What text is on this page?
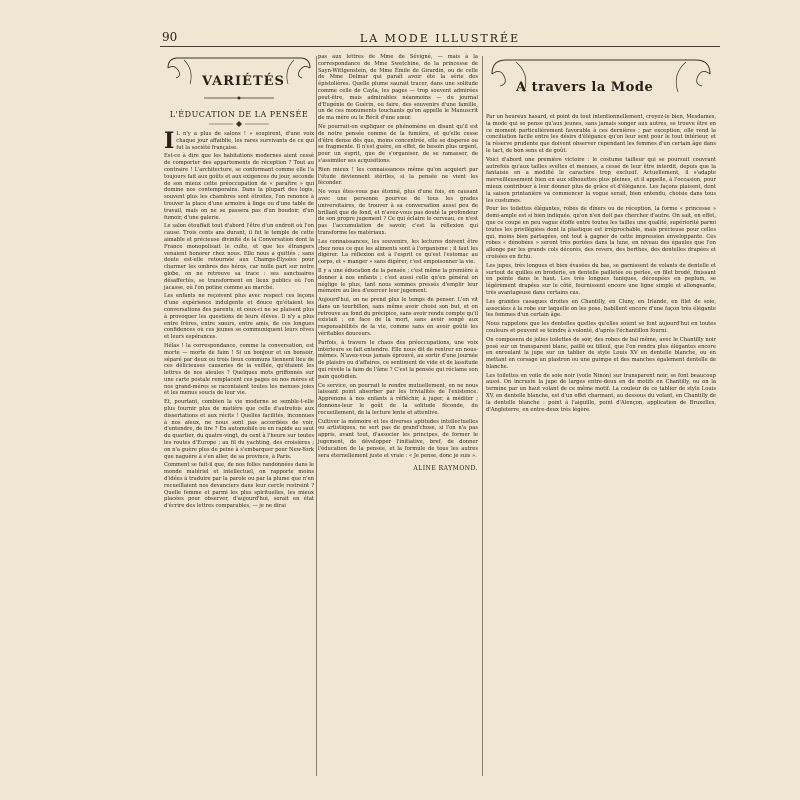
90	LA MODE ILLUSTRÉE
VARIÉTÉS
L'ÉDUCATION DE LA PENSÉE
I L n'y a plus de salons ! » soupirent, d'une voix chaque jour affaiblie, les rares survivants de ce qui fut la société française.

Est-ce à dire que les habitations modernes aient cessé de comporter des appartements de réception ? Tout au contraire ! L'architecture, se conformant comme elle l'a toujours fait aux goûts et aux exigences du jour, seconde de son mieux cette préoccupation de « paraître » qui domine nos contemporains. Dans la plupart des logis, souvent plus les chambres sont étroites, l'on renonce à trouver la place d'une armoire à linge ou d'une table de travail, mais on ne se passera pas d'un boudoir, d'un fumoir, d'une galerie.

Le salon étouffait tout d'abord l'être d'un endroit où l'on cause. Trois cents ans durant, il fut le temple de cette aimable et précieuse divinité de la Conversation dont la France monopolisait le culte, et que les étrangers venaient honorer chez nous. Elle nous a quittés ; sans doute est-elle retournée aux Champs-Élysées pour charmer les ombres des héros, car nulle part sur notre globe, on ne retrouve sa trace : ses sanctuaires désaffectés, se transforment en lieux publics où l'on jacasse, où l'on potine comme au marché.

Les enfants ne reçoivent plus avec respect ces leçons d'une expérience indulgente et douce qu'étaient les conversations des parents, et ceux-ci ne se plaisent plus à provoquer les questions de leurs élèves. Il n'y a plus entre frères, entre sœurs, entre amis, de ces longues confidences où ces jeunes se communiquent leurs rêves et leurs espérances.

Hélas ! la correspondance, comme la conversation, est morte — morte de faim ! Si un bonjour et un bonsoir, séparé par deux ou trois lieux communs tiennent lieu de ces délicieuses causeries de la veillée, qu'étaient les lettres de nos aïeules ? Quelques mots griffonnés sur une carte postale remplacent ces pages où nos mères et nos grand-mères se racontaient toutes les menues joies et les menus soucis de leur vie.

Et, pourtant, combien la vie moderne se semble-t-elle plus fournir plus de matière que celle d'autrefois aux dissertations et aux récits ! Quelles facilités, inconnues à nos aïeux, ne nous sont pas accordées de voir, d'entendre, de lire ? En automobile ou en rapide au saut du quartier, du quatre-vingt, du cent à l'heure sur toutes les routes d'Europe ; au fil du yachting, des croisières ; on n'a guère plus de peine à s'embarquer pour New-York que naguère à s'en aller, de sa province, à Paris.

Comment se fait-il que, de nos folles randonnées dans le monde matériel et intellectuel, on rapporte moins d'idées à traduire par la parole ou par la plume que n'en recueillaient nos devanciers dans leur cercle restreint ? Quelle femme et parmi les plus spirituelles, les mieux placées pour observer, d'aujourd'hui, serait en état d'écrire des lettres comparables, — je ne dirai

pas aux lettres de Mme de Sévigné, — mais à la correspondance de Mme Swetchine, de la princesse de Sayn-Wittgenstein, de Mme Émile de Girardin, ou de celle de Mme Delmar qui paraît avoir été la série des épistolières. Quelle plume saurait tracer, dans une solitude comme celle de Cayla, les pages — trop souvent admirées peut-être, mais admirables néanmoins — du journal d'Eugénie de Guérin, ou faire, des souvenirs d'une famille, un de ces monuments touchants qu'on appelle le Manuscrit de ma mère ou le Récit d'une sœur.

Ne pourrait-on expliquer ce phénomène en disant qu'il est de notre pensée comme de la fumière, et qu'elle cesse d'être dense dès que, moins concentrée, elle se disperse ou se fragmente. Il n'est guère, en effet, de besoin plus urgent, pour un esprit, que de s'organiser, de se ramasser, de s'assimiler ses acquisitions.

Rien mieux ! les connaissances même qu'on acquiert par l'étude deviennent stériles, si la pensée ne vient les féconder.

Ne vous êtes-vous pas étonné, plus d'une fois, en causant avec une personne pourvue de tous les grades universitaires, de trouver à sa conversation aussi peu de brillant que de fond, et n'avez-vous pas douté la profondeur de son propre jugement ? Ce qui éclaire le cerveau, ce n'est pas l'accumulation de savoir, c'est la réflexion qui transforme les matériaux.

Les connaissances, les souvenirs, les lectures doivent être chez nous ce que les aliments sont à l'organisme ; il faut les digérer. La réflexion est à l'esprit ce qu'est l'estomac au corps, et « manger » sans digérer, c'est empoisonner la vie.

Il y a une éducation de la pensée ; c'est même la première à donner à nos enfants ; c'est aussi celle qu'en général on néglige le plus, tant nous sommes pressés d'emplir leur mémoire au lieu d'exercer leur jugement.

Aujourd'hui, on ne prend plus le temps de penser. L'on vit dans un tourbillon, sans même avoir choisi son but, et on retrouve au fond du précipice, sans avoir rendu compte qu'il existait ; en face de la mort, sans avoir songé aux responsabilités de la vie, comme sans en avoir goûté les véritables douceurs.

Parfois, à travers le chaos des préoccupations, une voix intérieure se fait entendre. Elle nous dit de rentrer en nous-mêmes. N'avez-vous jamais éprouvé, au sortir d'une journée de plaisirs ou d'affaires, ce sentiment de vide et de lassitude qui révèle la faim de l'âme ? C'est la pensée qui réclame son pain quotidien.

Ce service, on pourrait le rendre mutuellement, en ne nous laissant point absorber par les trivialités de l'existence. Apprenons à nos enfants à réfléchir, à juger, à méditer ; donnons-leur le goût de la solitude féconde, du recueillement, de la lecture lente et attentive.

Cultiver la mémoire et les diverses aptitudes intellectuelles ou artistiques, ne sert pas de grand'chose, si l'on n'a pas appris, avant tout, d'associer les principes, de former le jugement, de développer l'initiative, bref, de donner l'éducation de la pensée, et la formule de tous les autres sera éternellement juste et vraie : « Je pense, donc je suis ».

ALINE RAYMOND.
A travers la Mode

Par un heureux hasard, et point du tout intentionnellement, croyez-le bien, Mesdames, la mode qui se pense qu'aux jeunes, sans jamais songer aux autres, se trouve être en ce moment particulièrement favorable à ces dernières ; par exception, elle rend la conciliation facile entre les désirs d'élégance qu'on leur sent pour le tout intérieur, et la réserve prudente que doivent observer cependant les femmes d'un certain âge dans le tact, de bon sens et de goût.

Voici d'abord une première victoire : le costume tailleur qui se poursuit couvrant autrefois qu'aux tailles sveltes et menues, a cessé de leur être interdit, depuis que la fantaisie en a modifié le caractère trop exclusif. Actuellement, il s'adapte merveilleusement bien en aux silhouettes plus pleines, et il appelle, à l'occasion, pour mieux contribuer à leur donner plus de grâce et d'élégance. Les façons plaisent, dont la saison printanière va commencer la vogue serait, bien entendu, choisie dans tous les costumes.

Pour les toilettes élégantes, robes de dîners ou de réception, la forme « princesse » demi-ample est si bien indiquée, qu'on n'en doit pas chercher d'autre. On sait, en effet, que ce coupe en peu vague étoffe entre toutes les tailles une qualité, supériorité parmi toutes les privilégiées dont la plastique est irréprochable, mais précieuse pour celles qui, moins bien partagées, ont tout à gagner de cette impression enveloppante. Ces robes « dénobées » seront très portées dans la lune, en niveau des épaules que l'on allonge par les grands cols décorés, des revers, des berthes, des dentelles drapées et croisées en fichu.

Les jupes, très longues et bien évasées du bas, se garnissent de volants de dentelle et surtout de quilles en broderie, en dentelle pailletée ou perlée, en filet brodé, finissant en pointe dans le haut. Les très longues tuniques, découpées en peplum, se légèrement drapées sur le côté, fournissent encore une ligne simple et allongeante, très avantageuse dans certains cas.

Les grandes casaques droites en Chantilly, en Cluny, en Irlande, en filet de soie, associées à la robe sur laquelle on les pose, habillent encore d'une façon très élégante les femmes d'un certain âge.

Nous rappelons que les dentelles quelles qu'elles soient se font aujourd'hui en toutes couleurs et peuvent se teindre à volonté, d'après l'échantillon fourni.

On composera de jolies toilettes de soir, des robes de bal même, avec le Chantilly noir posé sur un transparent blanc, paillé ou tilleul, que l'on rendra plus élégantes encore en enroulant la jupe sur un tablier de style Louis XV en dentelle blanche, ou en mettant en corsage un plastron ou une guimpe et des manches également dentelle de blanche.

Les toilettes en voile de soie noir (voile Ninon) sur transparent noir, se font beaucoup aussi. On incruste la jupe de larges entre-deux en de motifs en Chantilly, ou on la termine par un haut volant de ce même motif. La couleur de ce tablier de style Louis XV, en dentelle blanche, est d'un effet charmant, au dessous du volant, en Chantilly de la dentelle blanche : point à l'aiguille, point d'Alençon, application de Bruxelles, d'Angleterre, en entre-deux très légère.
